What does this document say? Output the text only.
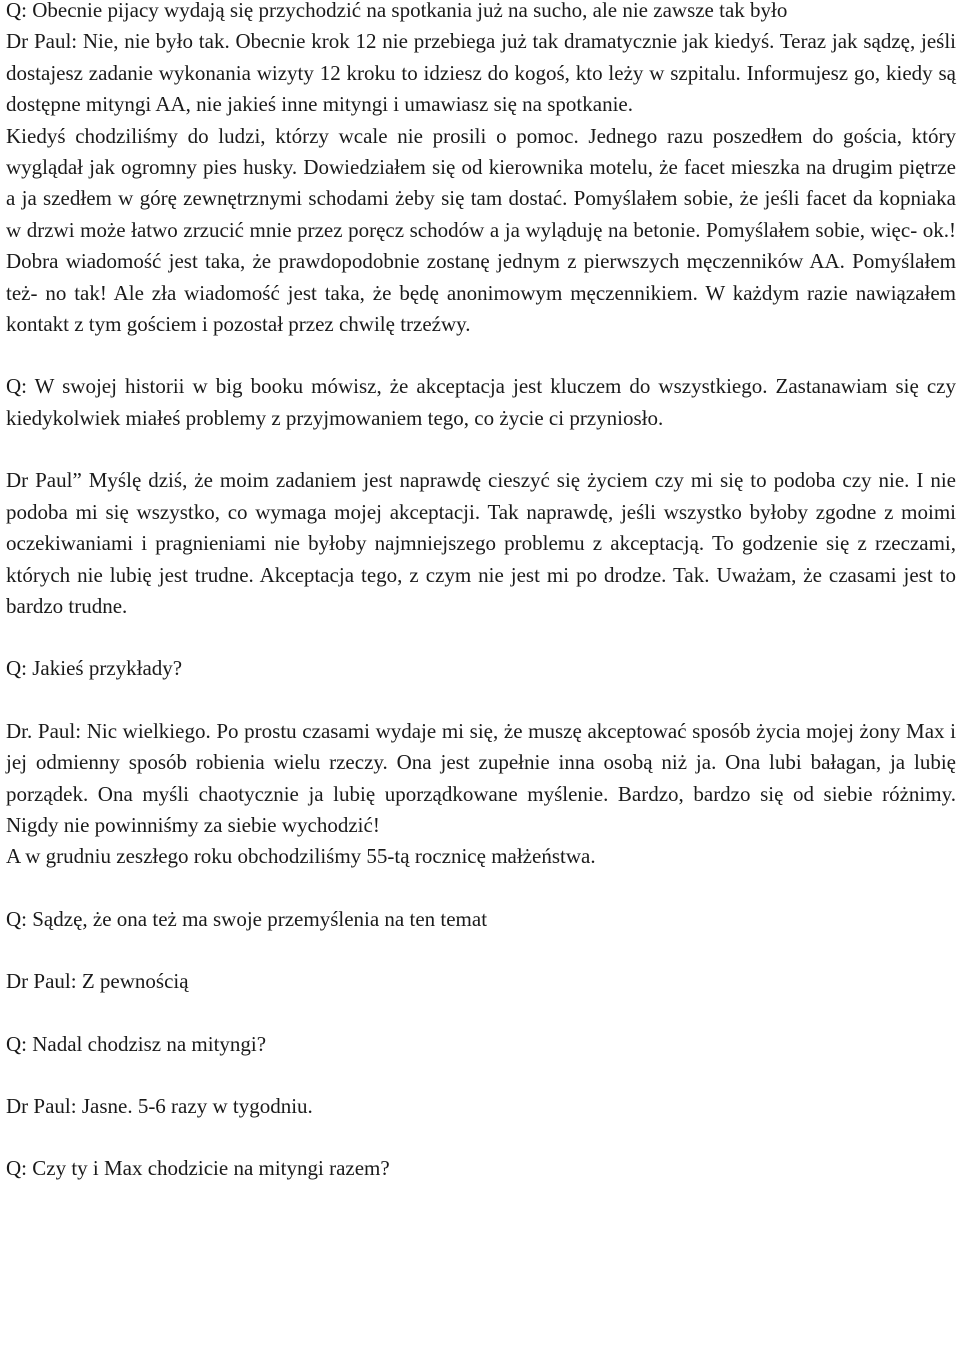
Q: Obecnie pijacy wydają się przychodzić na spotkania już na sucho, ale nie zawsze tak było

Dr Paul: Nie, nie było tak. Obecnie krok 12 nie przebiega już tak dramatycznie jak kiedyś. Teraz jak sądzę, jeśli dostajesz zadanie wykonania wizyty 12 kroku to idziesz do kogoś, kto leży w szpitalu. Informujesz go, kiedy są dostępne mityngi AA, nie jakieś inne mityngi i umawiasz się na spotkanie.

Kiedyś chodziliśmy do ludzi, którzy wcale nie prosili o pomoc. Jednego razu poszedłem do gościa, który wyglądał jak ogromny pies husky. Dowiedziałem się od kierownika motelu, że facet mieszka na drugim piętrze a ja szedłem w górę zewnętrznymi schodami żeby się tam dostać. Pomyślałem sobie, że jeśli facet da kopniaka w drzwi może łatwo zrzucić mnie przez poręcz schodów a ja wyląduję na betonie. Pomyślałem sobie, więc- ok.! Dobra wiadomość jest taka, że prawdopodobnie zostanę jednym z pierwszych męczenników AA. Pomyślałem też- no tak! Ale zła wiadomość jest taka, że będę anonimowym męczennikiem. W każdym razie nawiązałem kontakt z tym gościem i pozostał przez chwilę trzeźwy.

Q: W swojej historii w big booku mówisz, że akceptacja jest kluczem do wszystkiego. Zastanawiam się czy kiedykolwiek miałeś problemy z przyjmowaniem tego, co życie ci przyniosło.

Dr Paul” Myślę dziś, że moim zadaniem jest naprawdę cieszyć się życiem czy mi się to podoba czy nie. I nie podoba mi się wszystko, co wymaga mojej akceptacji. Tak naprawdę, jeśli wszystko byłoby zgodne z moimi oczekiwaniami i pragnieniami nie byłoby najmniejszego problemu z akceptacją. To godzenie się z rzeczami, których nie lubię jest trudne. Akceptacja tego, z czym nie jest mi po drodze. Tak. Uważam, że czasami jest to bardzo trudne.

Q: Jakieś przykłady?

Dr. Paul: Nic wielkiego. Po prostu czasami wydaje mi się, że muszę akceptować sposób życia mojej żony Max i jej odmienny sposób robienia wielu rzeczy. Ona jest zupełnie inna osobą niż ja. Ona lubi bałagan, ja lubię porządek. Ona myśli chaotycznie ja lubię uporządkowane myślenie. Bardzo, bardzo się od siebie różnimy. Nigdy nie powinniśmy za siebie wychodzić!

A w grudniu zeszłego roku obchodziliśmy 55-tą rocznicę małżeństwa.

Q: Sądzę, że ona też ma swoje przemyślenia na ten temat

Dr Paul: Z pewnością

Q: Nadal chodzisz na mityngi?

Dr Paul: Jasne. 5-6 razy w tygodniu.

Q: Czy ty i Max chodzicie na mityngi razem?
